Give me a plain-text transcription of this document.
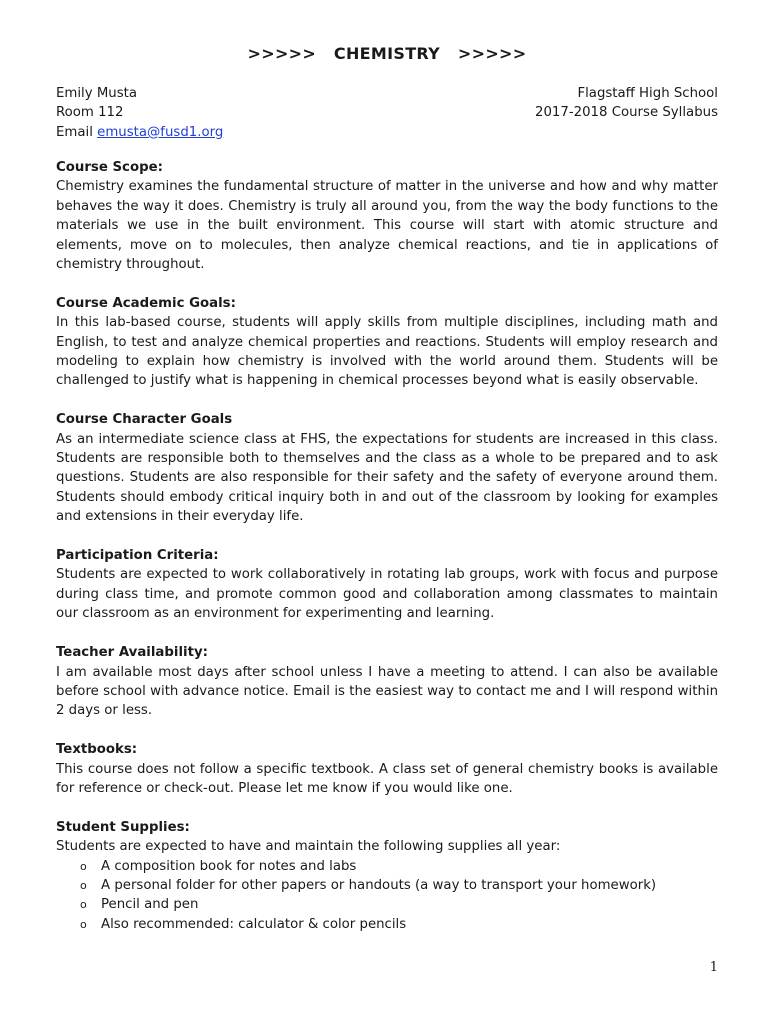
>>>>> CHEMISTRY >>>>>
Emily Musta	Flagstaff High School
Room 112	2017-2018 Course Syllabus
Email emusta@fusd1.org
Course Scope:

Chemistry examines the fundamental structure of matter in the universe and how and why matter behaves the way it does. Chemistry is truly all around you, from the way the body functions to the materials we use in the built environment. This course will start with atomic structure and elements, move on to molecules, then analyze chemical reactions, and tie in applications of chemistry throughout.

Course Academic Goals:

In this lab-based course, students will apply skills from multiple disciplines, including math and English, to test and analyze chemical properties and reactions. Students will employ research and modeling to explain how chemistry is involved with the world around them. Students will be challenged to justify what is happening in chemical processes beyond what is easily observable.

Course Character Goals

As an intermediate science class at FHS, the expectations for students are increased in this class. Students are responsible both to themselves and the class as a whole to be prepared and to ask questions. Students are also responsible for their safety and the safety of everyone around them. Students should embody critical inquiry both in and out of the classroom by looking for examples and extensions in their everyday life.

Participation Criteria:

Students are expected to work collaboratively in rotating lab groups, work with focus and purpose during class time, and promote common good and collaboration among classmates to maintain our classroom as an environment for experimenting and learning.

Teacher Availability:

I am available most days after school unless I have a meeting to attend. I can also be available before school with advance notice. Email is the easiest way to contact me and I will respond within 2 days or less.

Textbooks:

This course does not follow a specific textbook. A class set of general chemistry books is available for reference or check-out. Please let me know if you would like one.

Student Supplies:

Students are expected to have and maintain the following supplies all year:

o A composition book for notes and labs
o A personal folder for other papers or handouts (a way to transport your homework)
o Pencil and pen
o Also recommended: calculator & color pencils
1
